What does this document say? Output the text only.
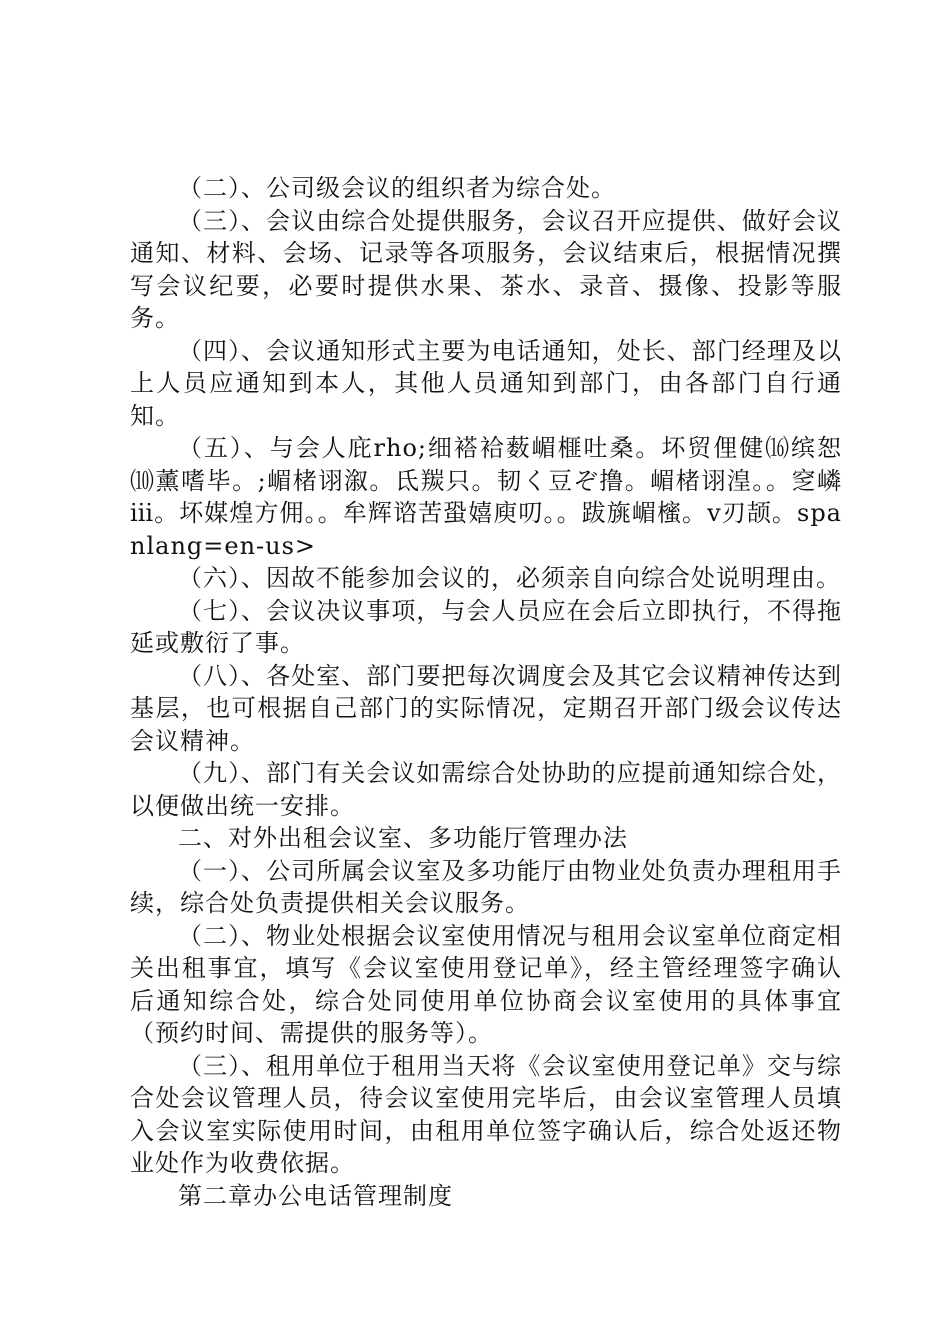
（二）、公司级会议的组织者为综合处。

（三）、会议由综合处提供服务，会议召开应提供、做好会议通知、材料、会场、记录等各项服务，会议结束后，根据情况撰写会议纪要，必要时提供水果、茶水、录音、摄像、投影等服务。

（四）、会议通知形式主要为电话通知，处长、部门经理及以上人员应通知到本人，其他人员通知到部门，由各部门自行通知。

（五）、与会人庇rho;细褡袷薮嵋榧吐桑。坏贸俚健⒃缤恕⑽薰嗜毕。;嵋楮诩溆。氐羰只。韧く豆ぞ撸。嵋楮诩湟。。窆嶙ⅲ。坏媒煌方佣。。牟辉谘苦蛩嬉庾叨。。跋旐嵋櫁。v刃颉。spanlang=en-us>

（六）、因故不能参加会议的，必须亲自向综合处说明理由。

（七）、会议决议事项，与会人员应在会后立即执行，不得拖延或敷衍了事。

（八）、各处室、部门要把每次调度会及其它会议精神传达到基层，也可根据自己部门的实际情况，定期召开部门级会议传达会议精神。

（九）、部门有关会议如需综合处协助的应提前通知综合处，以便做出统一安排。

二、对外出租会议室、多功能厅管理办法

（一）、公司所属会议室及多功能厅由物业处负责办理租用手续，综合处负责提供相关会议服务。

（二）、物业处根据会议室使用情况与租用会议室单位商定相关出租事宜，填写《会议室使用登记单》，经主管经理签字确认后通知综合处，综合处同使用单位协商会议室使用的具体事宜（预约时间、需提供的服务等）。

（三）、租用单位于租用当天将《会议室使用登记单》交与综合处会议管理人员，待会议室使用完毕后，由会议室管理人员填入会议室实际使用时间，由租用单位签字确认后，综合处返还物业处作为收费依据。

第二章办公电话管理制度
